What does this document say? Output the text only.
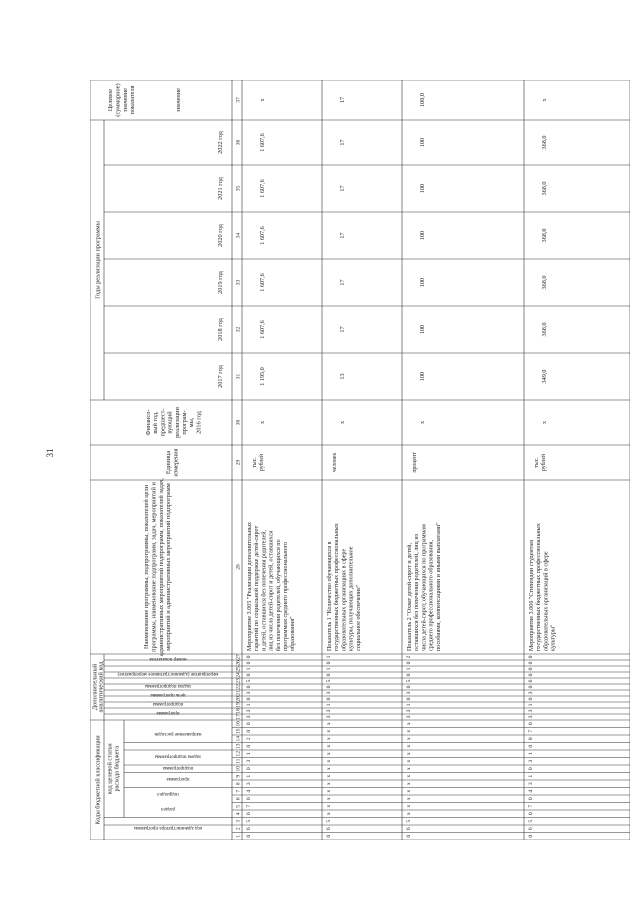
31
Коды бюджетной классификации
Дополнительный аналитический код
код целевой статьирасхода бюджета
Годы реализации программы
код администратора программы
раздел
подраздел
программа
подпрограмма
задача подпрограммы
направление расходов
программа
подпрограмма
цель программы
задача подпрограммы
мероприятие (административное мероприятие)
номер показателя
Наименование программы, подпрограммы, показателей целипрограммы, наименование подпрограмм, задач, мероприятий иадминистративных мероприятий подпрограмм, показателей задач,мероприятий и административных мероприятий подпрограмм
Единицаизмерения
Финансо-вый год,предшест-вующийреализациипрограм-мы,2016 год
2017 год
2018 год
2019 год
2020 год
2021 год
2022 год
Целевое(суммарное)значениепоказателя	значение
1
2
3
4
5
6
7
8
9
10
11
12
13
14
15
16
17
18
19
20
21
22
23
24
25
26
27
28
29
30
31
32
33
34
35
36
37
0
6
5
0
7
0
4
3
1
0
3
1
0
2
0
0
3
3
1
0
3
0
5
0
1
0
0
Мероприятие 3.005 "Реализация дополнительныхгарантий по социальной поддержке детей-сироти детей, оставшихся без попечения родителей,лиц из числа детей-сирот и детей, оставшихсябез попечения родителей, обучающихся попрограммам среднего профессиональногообразования"
тыс.рублей
x
1 195,0
1 607,6
1 607,6
1 607,6
1 607,6
1 607,6
x
0
6
5
x
x
x
x
x
x
x
x
x
x
x
x
x
3
3
1
0
3
0
5
0
1
0
1
Показатель 1 "Количество обучающихся вгосударственных бюджетных профессиональныхобразовательных организациях в сферекультуры, получающих дополнительноесоциальное обеспечение"
человек
x
13
17
17
17
17
17
17
0
6
5
x
x
x
x
x
x
x
x
x
x
x
x
x
3
3
1
0
3
0
5
0
1
0
2
Показатель 2 "Охват детей-сирот и детей,оставшихся без попечения родителей, лиц изчисла детей-сирот, обучающихся по программамсреднего профессионального образования,пособиями, компенсациями и иными выплатами"
процент
x
100
100
100
100
100
100
100,0
0
6
5
0
7
0
4
3
1
0
3
1
0
8
7
0
3
3
1
0
3
0
6
0
0
0
0
Мероприятие 3.006 "Стипендии студентамгосударственных бюджетных профессиональныхобразовательных организаций в сферекультуры"
тыс.рублей
x
349,0
368,0
368,0
368,0
368,0
368,0
x
